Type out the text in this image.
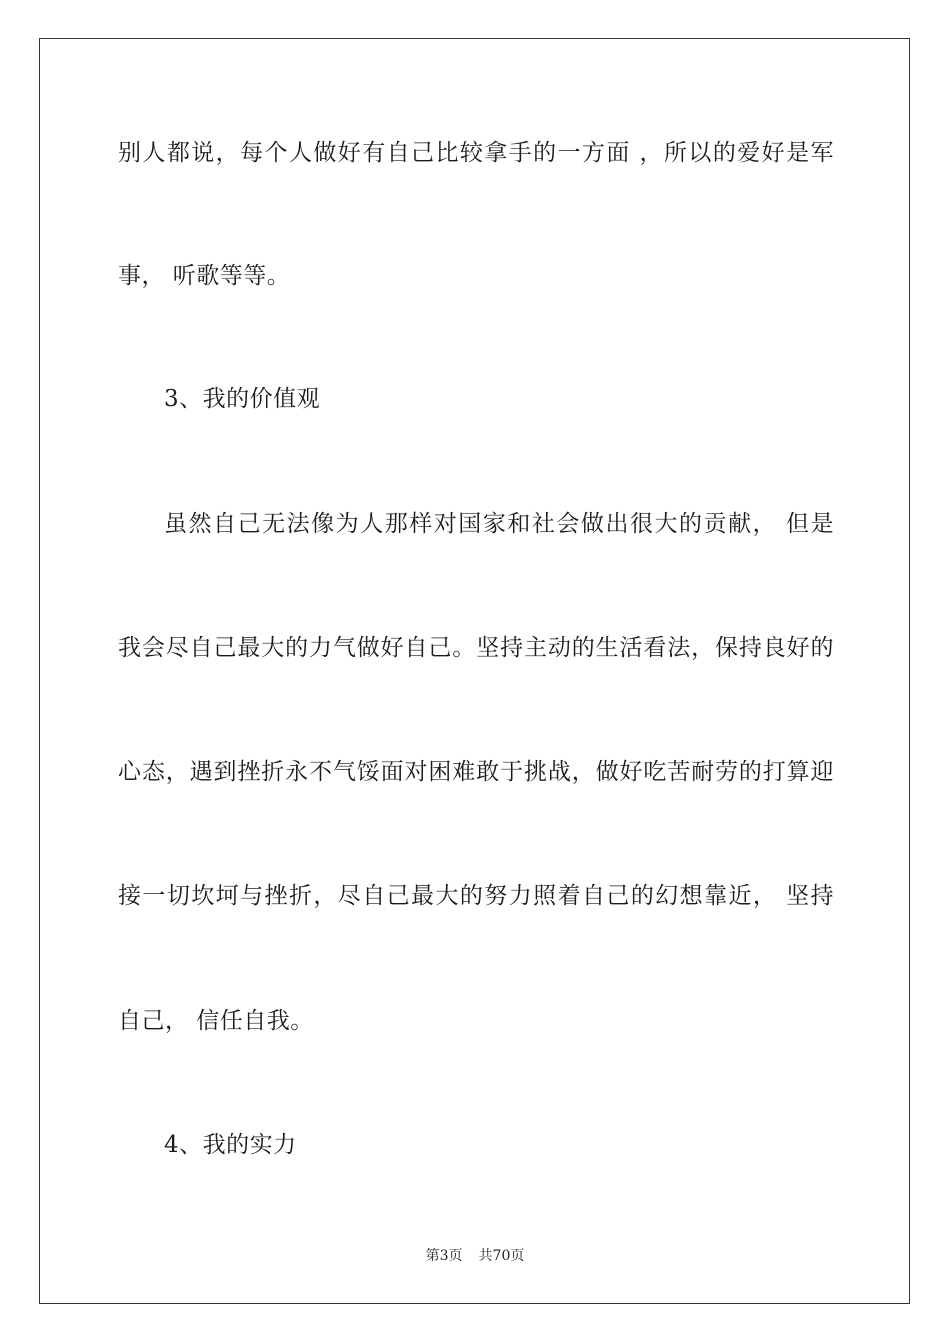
别人都说，每个人做好有自己比较拿手的一方面 ，所以的爱好是军
事， 听歌等等。
3、我的价值观
虽然自己无法像为人那样对国家和社会做出很大的贡献， 但是
我会尽自己最大的力气做好自己。坚持主动的生活看法，保持良好的
心态，遇到挫折永不气馁面对困难敢于挑战，做好吃苦耐劳的打算迎
接一切坎坷与挫折，尽自己最大的努力照着自己的幻想靠近， 坚持
自己， 信任自我。
4、我的实力
第3页 共70页
